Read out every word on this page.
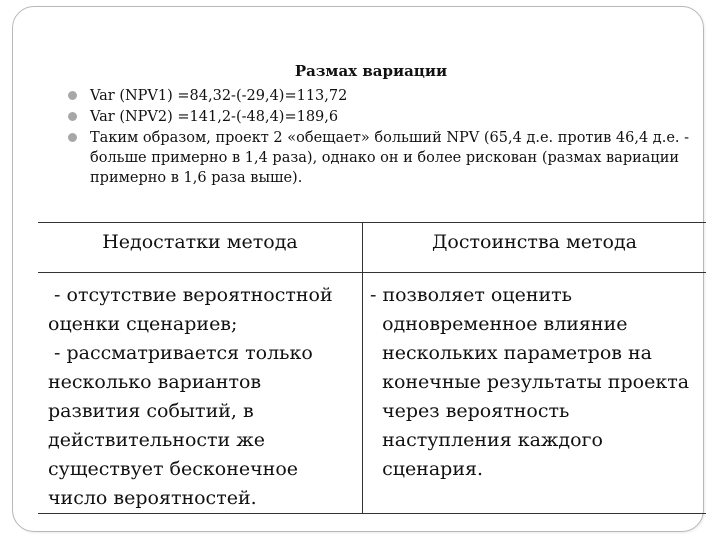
Размах вариации
Var (NPV1) =84,32-(-29,4)=113,72
Var (NPV2) =141,2-(-48,4)=189,6
Таким образом, проект 2 «обещает» больший NPV (65,4 д.е. против 46,4 д.е. - больше примерно в 1,4 раза), однако он и более рискован (размах вариации примерно в 1,6 раза выше).
Недостатки метода	Достоинства метода

- отсутствие вероятностной

оценки сценариев;

- рассматривается только

несколько вариантов

развития событий, в

действительности же

существует бесконечное

число вероятностей.

- позволяет оценить

одновременное влияние

нескольких параметров на

конечные результаты проекта

через вероятность

наступления каждого

сценария.
